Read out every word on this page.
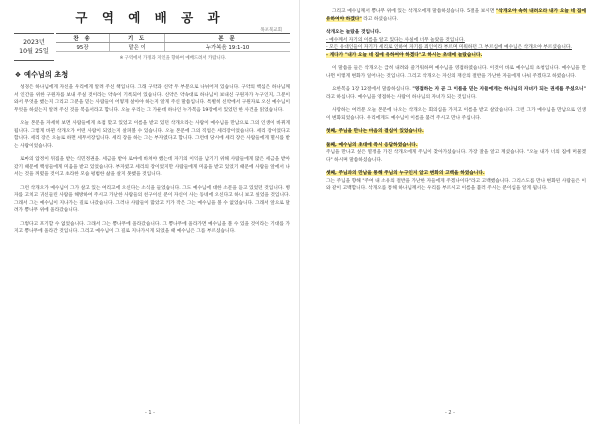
구 역 예 배 공 과
목포북교회
2023년
10월 25일
찬 송	기 도	본 문
95장	맡은 이	누가복음 19:1-10
※ 구역에서 가정과 지인을 향하여 예배드려서 카랍니다.
❖ 예수님의 초청

성경은 하나님에게 자신을 우리에게 알려 주신 책입니다. 그래 구약과 신약 두 부분으로 나뉘어져 있습니다. 구약의 핵심은 하나님께서 인간을 위한 구원자를 보내 주실 것이라는 약속이 기록되어 있습니다. 신약은 약속대로 하나님이 보내신 구원자가 누구인지, 그분이 와서 무엇을 했는지 그리고 그분을 믿는 사람들이 어떻게 살아야 하는지 알게 주신 말씀입니다. 특별히 신약에서 구원자로 오신 예수님이 무엇을 하셨는지 알려 주신 것을 복음서라고 합니다. 오늘 우리는 그 가운데 하나인 누가복음 19장에서 있었던 한 사건을 읽었습니다.

오늘 본문을 자세히 보면 사람들에게 초점 맞고 있었고 이름을 받고 있던 삭개오라는 사람이 예수님을 만남으로 그의 인생이 바뀌게 됩니다. 그렇게 바뀐 삭개오가 어떤 사람이 되었는지 살펴볼 수 있습니다. 오늘 본문에 그의 직업은 세리장이었습니다. 세리 장이었다고 합니다. 세리 장은 오늘로 하면 세무서장입니다. 세리 장을 하는 그는 부자였다고 합니다. 그런데 당시에 세리 장은 사람들에게 멸시를 받는 사람이었습니다.

로마의 압정이 뒤집을 받는 식민정권을. 세금을 받아 로마에 바쳐야 했는데 자기의 이익을 남기기 위해 사람들에게 많은 세금을 받아 갔기 때문에 백성들에게 미움을 받고 있었습니다. 부자였고 세리의 장이었지만 사람들에게 미움을 받고 있었기 때문에 사람들 앞에서 나서는 것을 꺼렸을 것이고 초라한 모습 평범한 삶을 살지 못했을 것입니다.

그런 삭개오가 예수님이 그가 살고 있는 여리고에 오신다는 소식을 들었습니다. 그도 예수님에 대한 소문을 듣고 있었던 것입니다. 병자를 고치고 귀신들린 사람을 해방하여 주시고 가난한 사람들의 친구이신 분이 자신이 사는 동네에 오신다고 하니 보고 싶었을 것입니다. 그래서 그는 예수님이 지나가는 길로 나갔습니다. 그러나 사람들이 많았고 키가 작은 그는 예수님을 볼 수 없었습니다. 그래서 앞으로 달려가 뽕나무 위에 올라갔습니다.

그렇다고 포기할 수 없었습니다. 그래서 그는 뽕나무에 올라갔습니다. 그 뽕나무에 올라가면 예수님을 볼 수 있을 것이라는 기대를 가지고 뽕나무에 올라간 것입니다. 그리고 예수님이 그 길로 지나가시게 되었을 때 예수님은 그를 부르셨습니다.

- 1 -

그리고 예수님께서 뽕나무 위에 있는 삭개오에게 말씀하셨습니다. 5절을 보시면 "삭개오야 속히 내려오라 내가 오늘 네 집에 유하여야 하겠다" 라고 하셨습니다.

삭개오는 놀랐을 것입니다.
- 예수께서 자기의 이름을 알고 있다는 사실에 너무 놀랐을 것입니다.
- 모든 유대인들이 자기가 세리로 인하여 자기를 죄인이라 부르며 미워하던 그 부르심에 예수님은 삭개오야 부르셨습니다.
- 게다가 "내가 오늘 네 집에 유하여야 하겠다"고 하시는 초대에 놀랐습니다.

이 말씀을 들은 삭개오는 급히 내려와 즐거워하며 예수님을 영접하였습니다. 이것이 바로 예수님의 초청입니다. 예수님을 만나면 이렇게 변화가 일어나는 것입니다. 그리고 삭개오는 자신의 재산의 절반을 가난한 자들에게 나눠 주겠다고 하였습니다.

요한복음 1장 12절에서 말씀하십니다. "영접하는 자 곧 그 이름을 믿는 자들에게는 하나님의 자녀가 되는 권세를 주셨으니" 라고 하십니다. 예수님을 영접하는 사람이 하나님의 자녀가 되는 것입니다.

사랑하는 여러분 오늘 본문에 나오는 삭개오는 회의심을 가지고 이름을 받고 살았습니다. 그런 그가 예수님을 만남으로 인생이 변화되었습니다. 우리에게도 예수님이 이름을 불러 주시고 만나 주십니다.

첫째, 주님을 만나는 마음의 결심이 있었습니다.

둘째, 예수님의 초대에 즉시 응답하였습니다.
주님을 만나고 싶은 열정을 가진 삭개오에게 주님이 찾아가셨습니다. 가장 잘을 알고 계셨습니다. "오늘 내가 너의 집에 머물겠다" 하시며 말씀하셨습니다.

셋째, 주님과의 만남을 통해 주님의 누구인지 알고 변화의 고백을 하였습니다.
그는 주님을 향해 "주여 내 소유의 절반을 가난한 자들에게 주겠나이다"라고 고백했습니다. 그리스도를 만나 변화된 사람들은 이와 같이 고백합니다. 삭개오를 통해 하나님께서는 우리를 부르시고 이름을 불러 주시는 분이심을 알게 됩니다.

- 2 -
